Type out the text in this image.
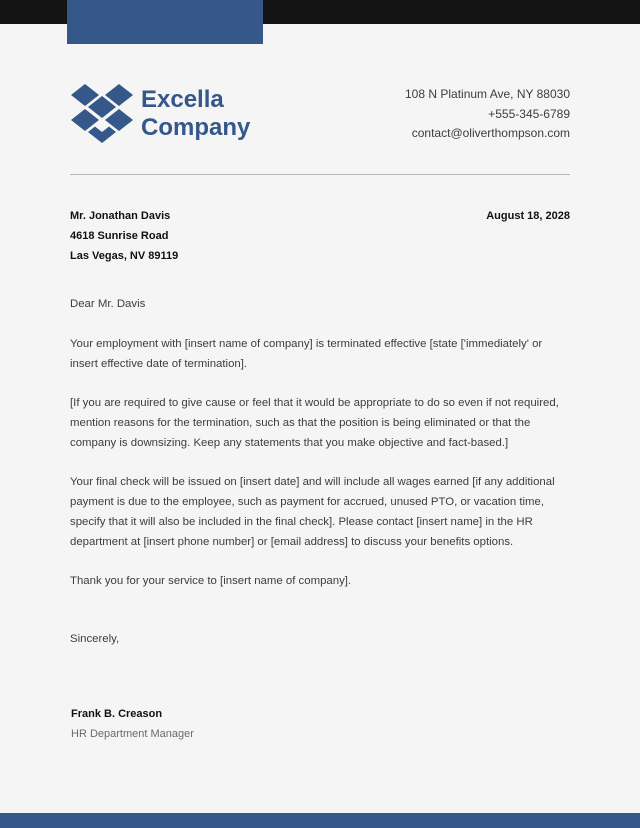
Excella
Company
108 N Platinum Ave, NY 88030
+555-345-6789
contact@oliverthompson.com
Mr. Jonathan Davis
4618 Sunrise Road
Las Vegas, NV 89119
August 18, 2028

Dear Mr. Davis

Your employment with [insert name of company] is terminated effective [state ['immediately' or insert effective date of termination].

[If you are required to give cause or feel that it would be appropriate to do so even if not required, mention reasons for the termination, such as that the position is being eliminated or that the company is downsizing. Keep any statements that you make objective and fact-based.]

Your final check will be issued on [insert date] and will include all wages earned [if any additional payment is due to the employee, such as payment for accrued, unused PTO, or vacation time, specify that it will also be included in the final check]. Please contact [insert name] in the HR department at [insert phone number] or [email address] to discuss your benefits options.

Thank you for your service to [insert name of company].

Sincerely,

Frank B. Creason
HR Department Manager
